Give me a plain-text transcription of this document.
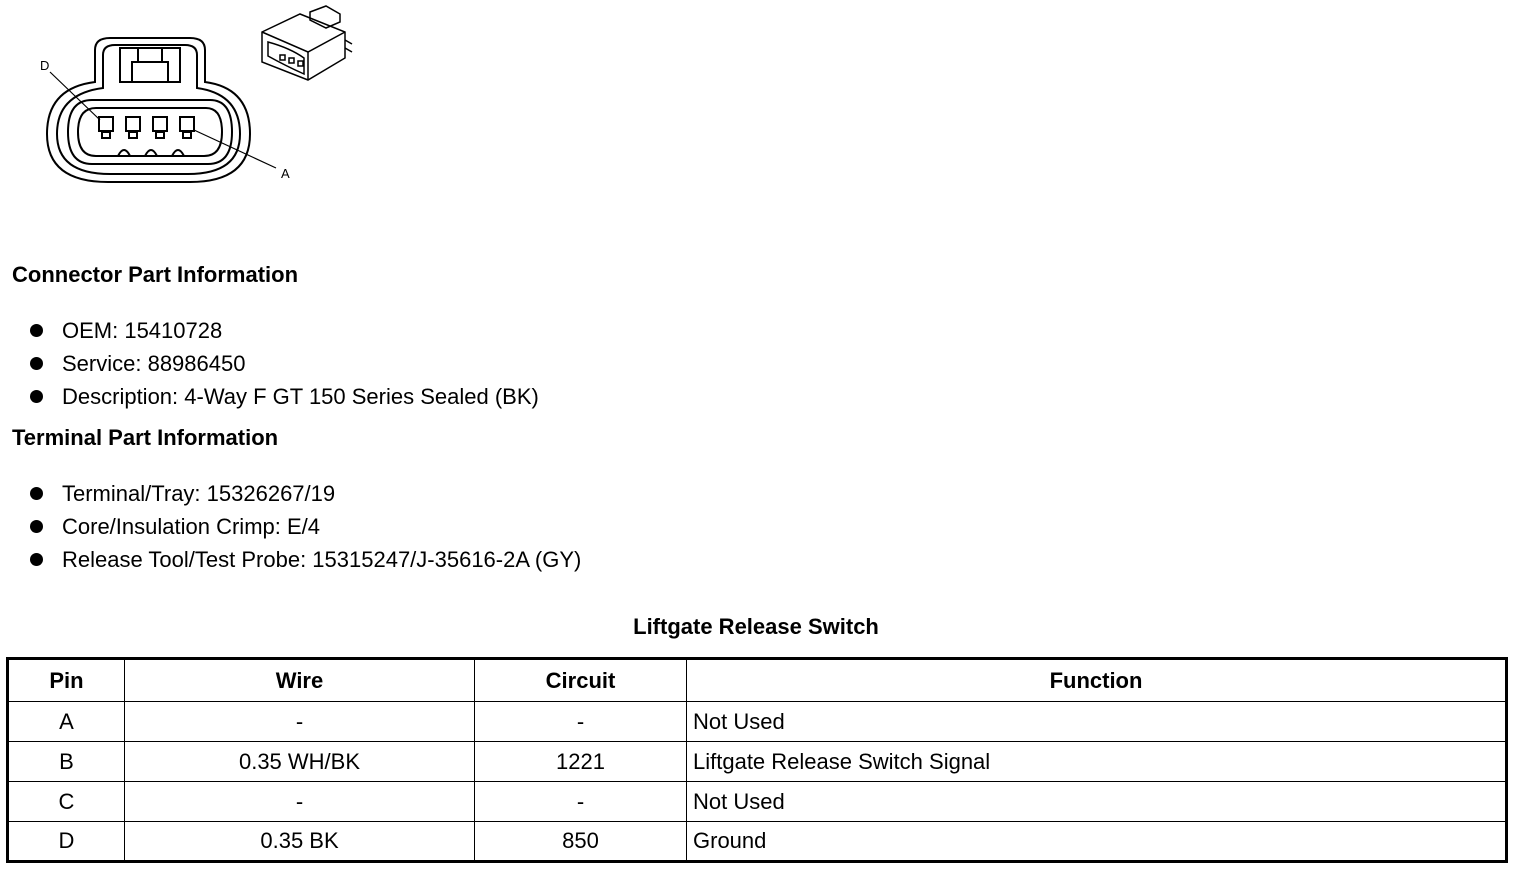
D
A
Connector Part Information
OEM: 15410728
Service: 88986450
Description: 4-Way F GT 150 Series Sealed (BK)
Terminal Part Information
Terminal/Tray: 15326267/19
Core/Insulation Crimp: E/4
Release Tool/Test Probe: 15315247/J-35616-2A (GY)
Liftgate Release Switch
Pin	Wire	Circuit	Function
A	-	-	Not Used
B	0.35 WH/BK	1221	Liftgate Release Switch Signal
C	-	-	Not Used
D	0.35 BK	850	Ground
